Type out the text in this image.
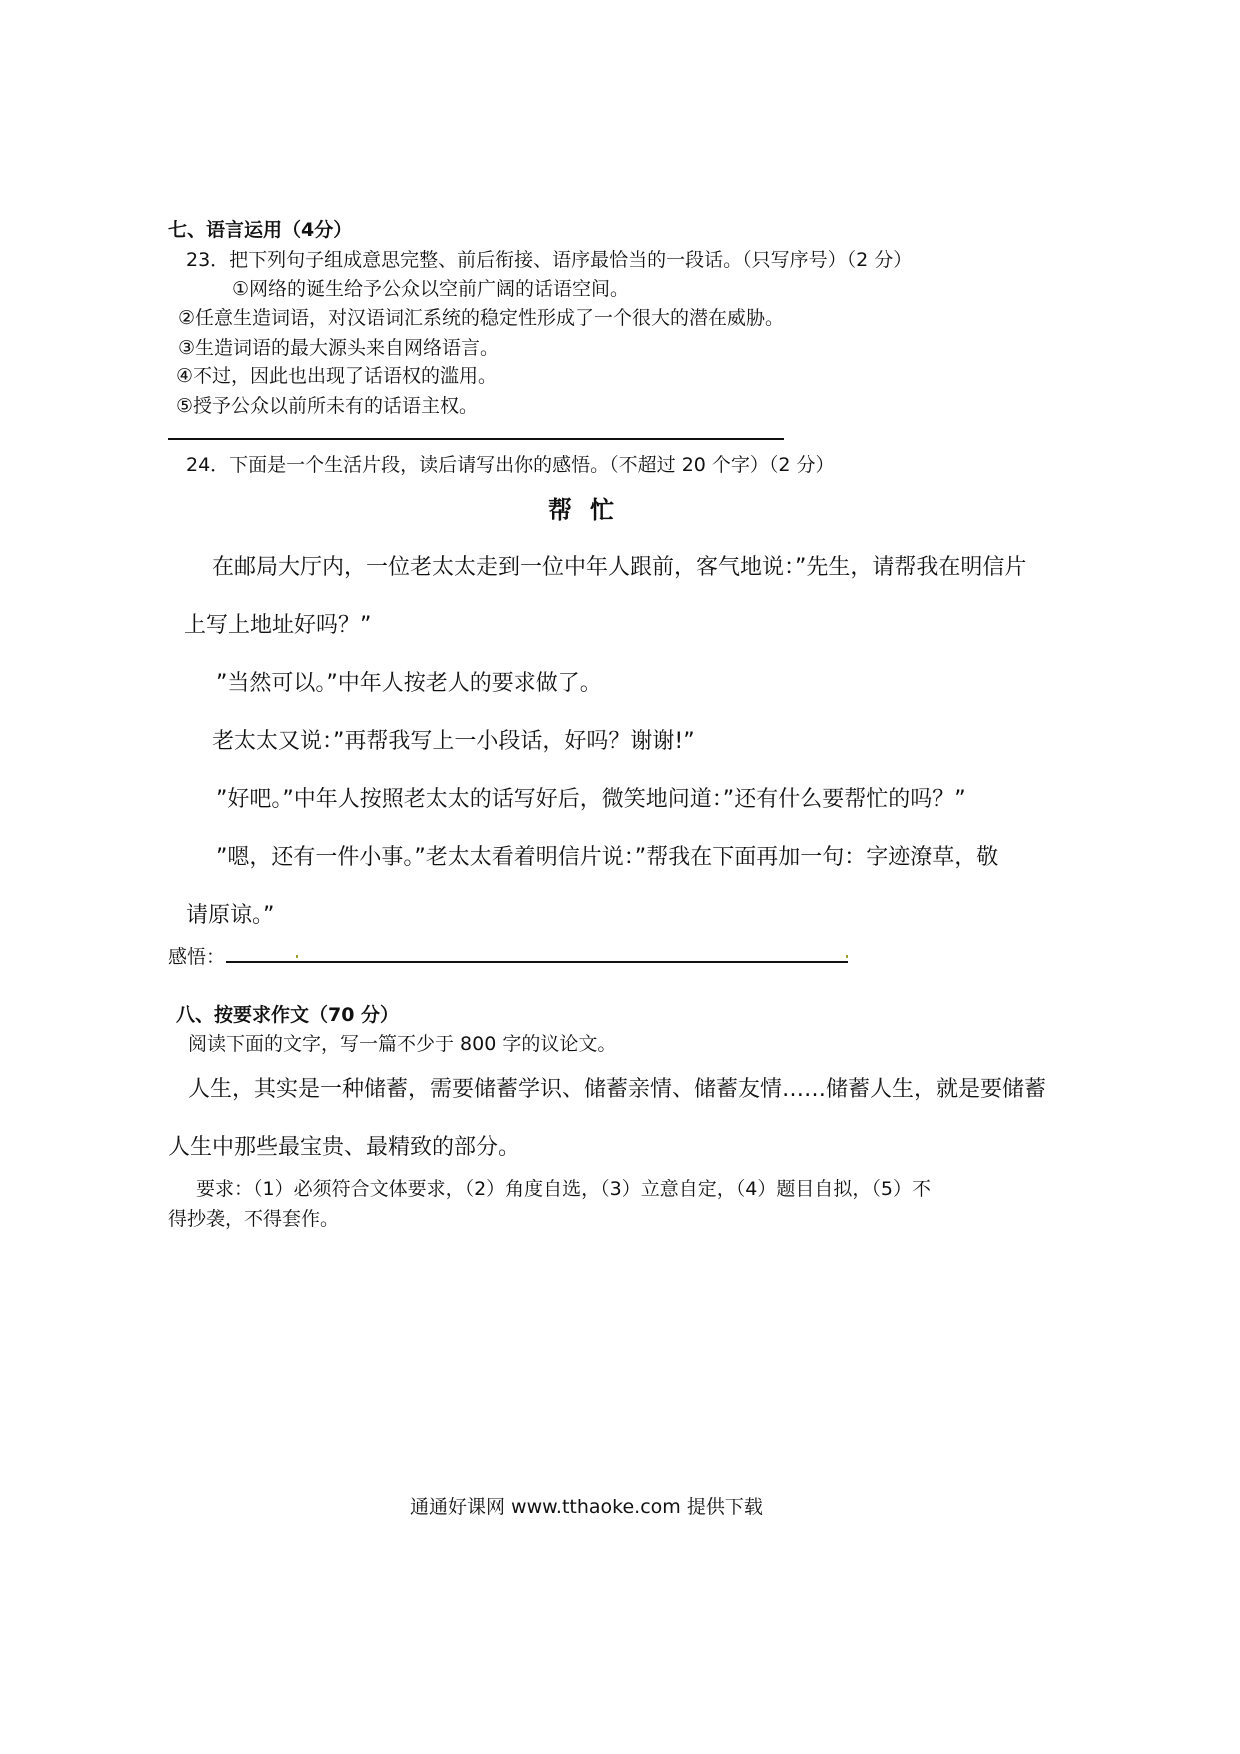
七、语言运用（4分）
23．把下列句子组成意思完整、前后衔接、语序最恰当的一段话。（只写序号）（2 分）
①网络的诞生给予公众以空前广阔的话语空间。
②任意生造词语，对汉语词汇系统的稳定性形成了一个很大的潜在威胁。
③生造词语的最大源头来自网络语言。
④不过，因此也出现了话语权的滥用。
⑤授予公众以前所未有的话语主权。
24．下面是一个生活片段，读后请写出你的感悟。（不超过 20 个字）（2 分）
帮忙
在邮局大厅内，一位老太太走到一位中年人跟前，客气地说：”先生，请帮我在明信片
上写上地址好吗？”
”当然可以。”中年人按老人的要求做了。
老太太又说：”再帮我写上一小段话，好吗？谢谢!”
”好吧。”中年人按照老太太的话写好后，微笑地问道：”还有什么要帮忙的吗？”
”嗯，还有一件小事。”老太太看着明信片说：”帮我在下面再加一句：字迹潦草，敬
请原谅。”
感悟：
八、按要求作文（70 分）
阅读下面的文字，写一篇不少于 800 字的议论文。
人生，其实是一种储蓄，需要储蓄学识、储蓄亲情、储蓄友情……储蓄人生，就是要储蓄
人生中那些最宝贵、最精致的部分。
要求：（1）必须符合文体要求，（2）角度自选，（3）立意自定，（4）题目自拟，（5）不
得抄袭，不得套作。
通通好课网 www.tthaoke.com 提供下载
